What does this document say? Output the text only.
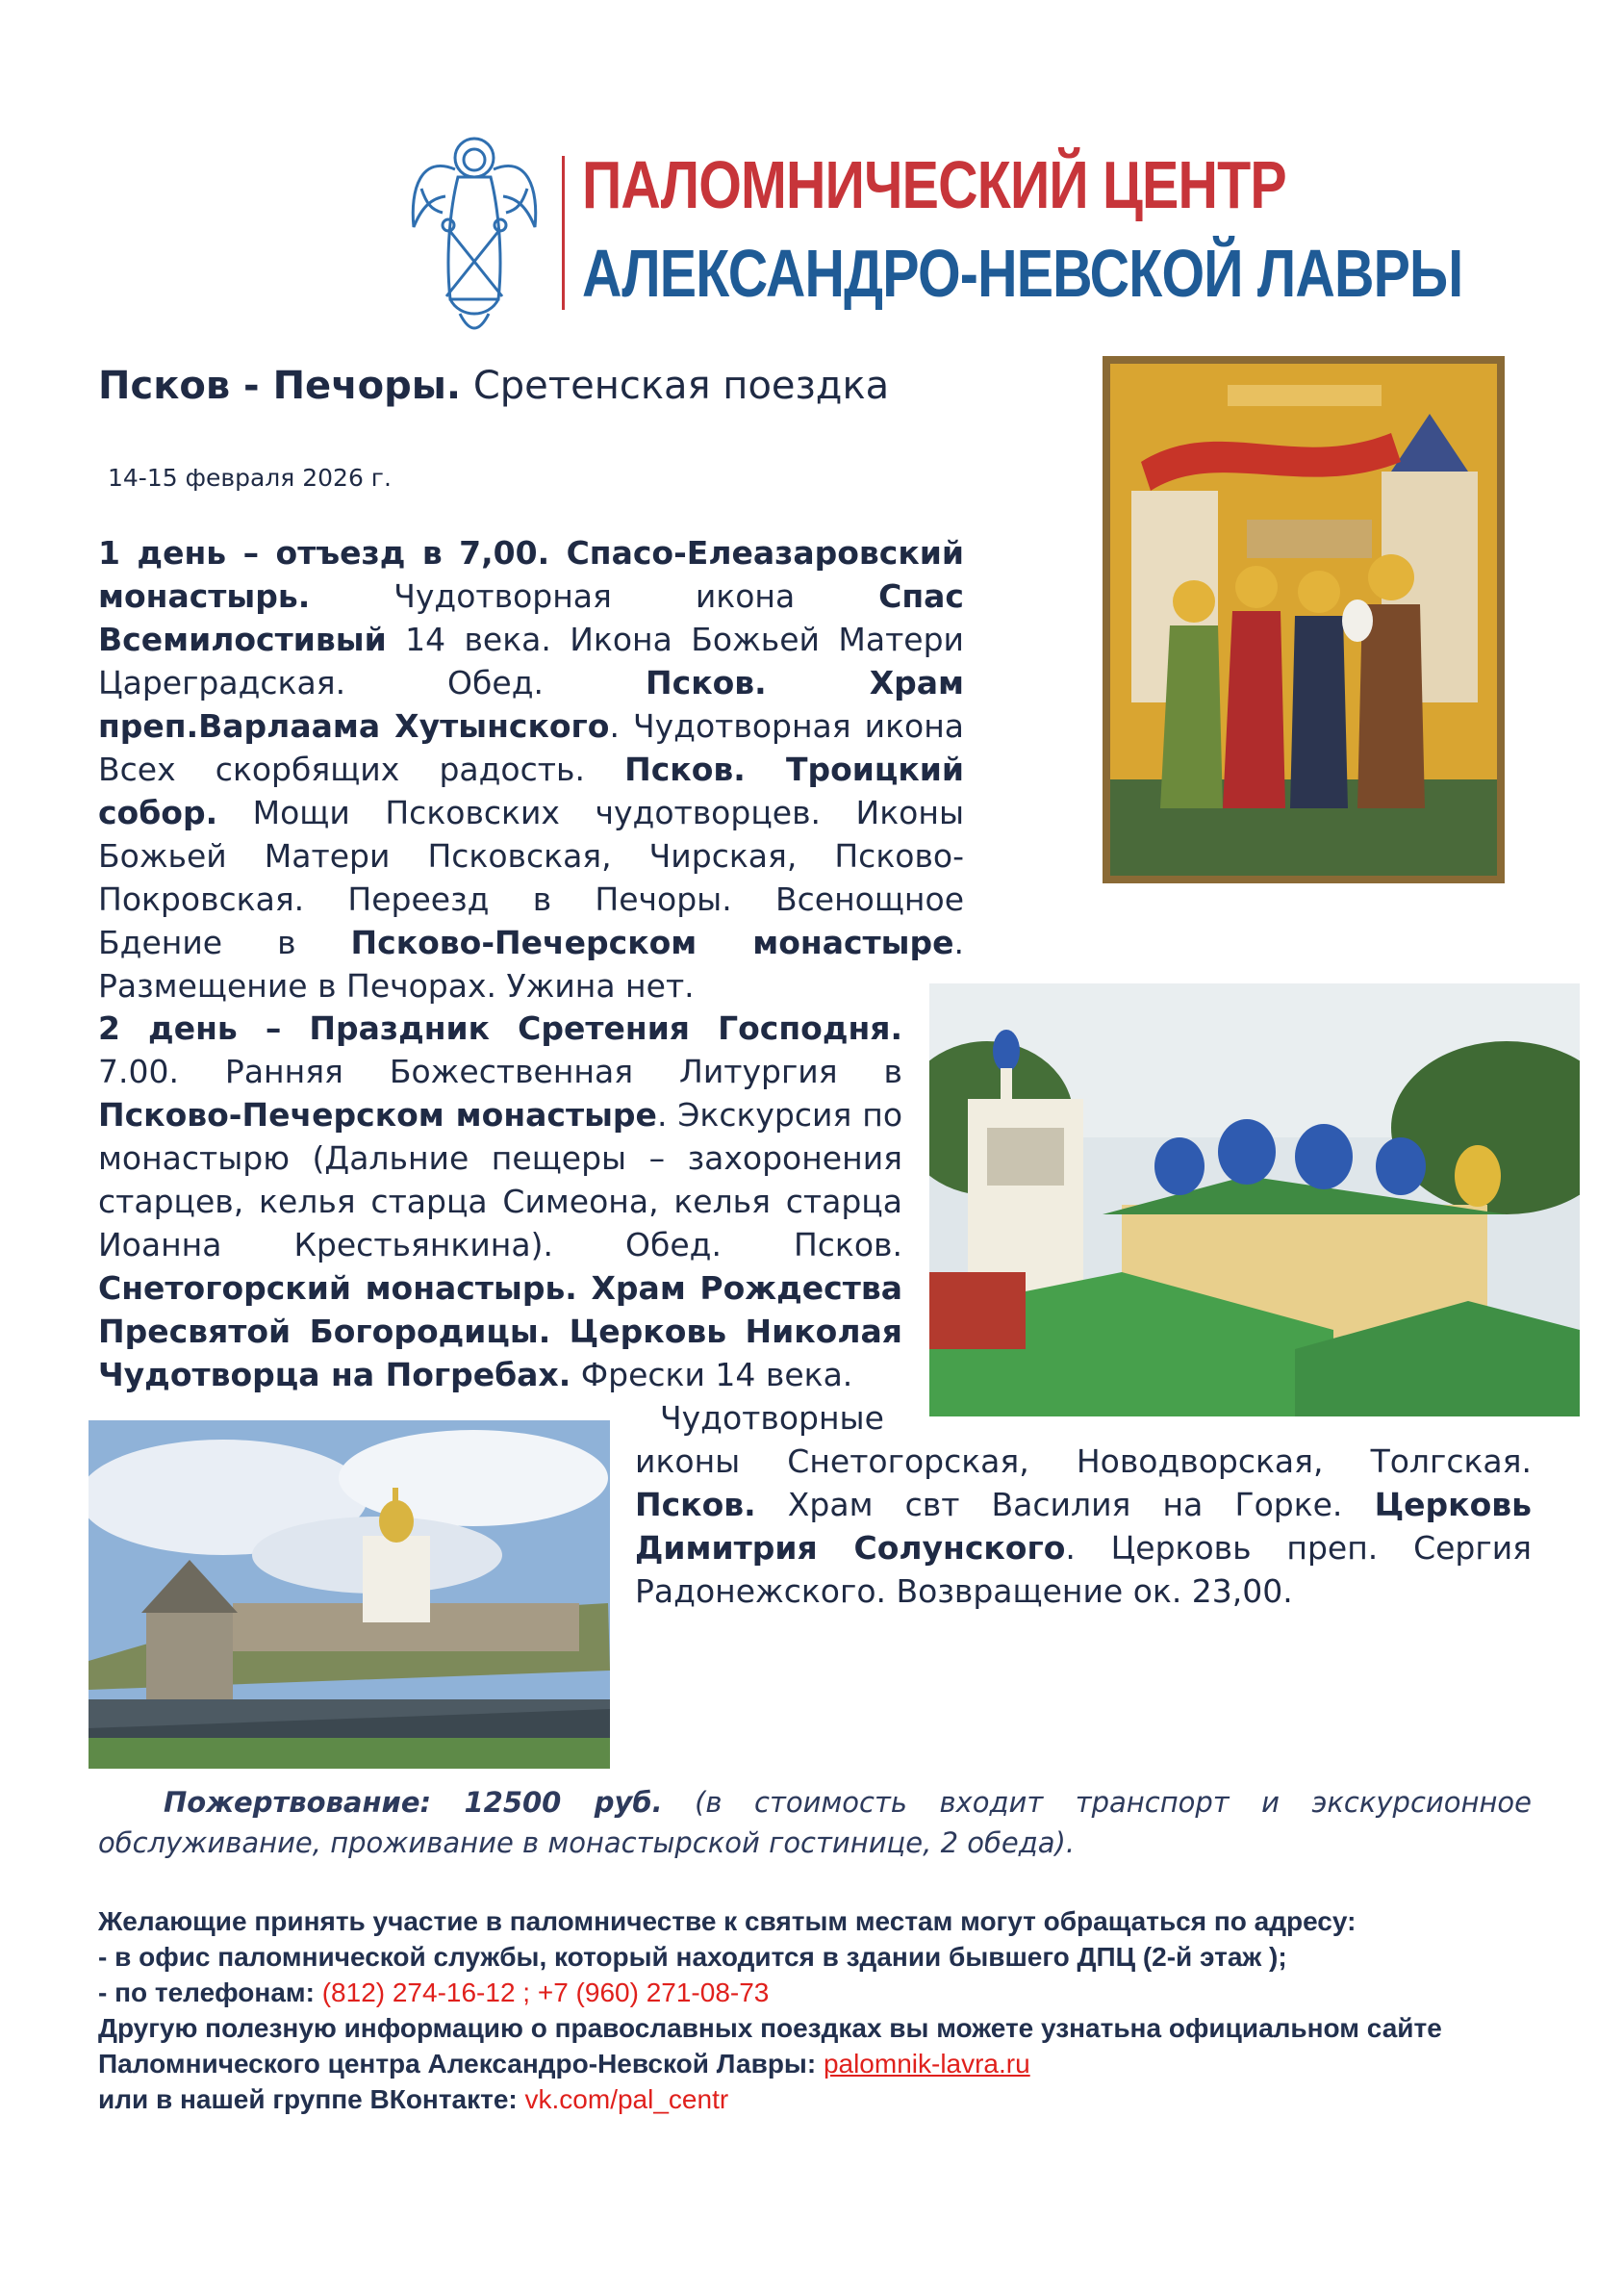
ПАЛОМНИЧЕСКИЙ ЦЕНТР
АЛЕКСАНДРО-НЕВСКОЙ ЛАВРЫ
Псков - Печоры. Сретенская поездка
14-15 февраля 2026 г.
1 день – отъезд в 7,00. Спасо-Елеазаровский монастырь. Чудотворная икона Спас Всемилостивый 14 века. Икона Божьей Матери Цареградская. Обед. Псков. Храм преп.Варлаама Хутынского. Чудотворная икона Всех скорбящих радость. Псков. Троицкий собор. Мощи Псковских чудотворцев. Иконы Божьей Матери Псковская, Чирская, Псково-Покровская. Переезд в Печоры. Всенощное Бдение в Псково-Печерском монастыре. Размещение в Печорах. Ужина нет.
2 день – Праздник Сретения Господня. 7.00. Ранняя Божественная Литургия в Псково-Печерском монастыре. Экскурсия по монастырю (Дальние пещеры – захоронения старцев, келья старца Симеона, келья старца Иоанна Крестьянкина). Обед. Псков. Снетогорский монастырь. Храм Рождества Пресвятой Богородицы. Церковь Николая Чудотворца на Погребах. Фрески 14 века.
Чудотворные
иконы Снетогорская, Новодворская, Толгская. Псков. Храм свт Василия на Горке. Церковь Димитрия Солунского. Церковь преп. Сергия Радонежского. Возвращение ок. 23,00.
Пожертвование: 12500 руб. (в стоимость входит транспорт и экскурсионное обслуживание, проживание в монастырской гостинице, 2 обеда).
Желающие принять участие в паломничестве к святым местам могут обращаться по адресу:
- в офис паломнической службы, который находится в здании бывшего ДПЦ (2-й этаж );
- по телефонам: (812) 274-16-12 ; +7 (960) 271-08-73
Другую полезную информацию о православных поездках вы можете узнатьна официальном сайте
Паломнического центра Александро-Невской Лавры: palomnik-lavra.ru
или в нашей группе ВКонтакте: vk.com/pal_centr
